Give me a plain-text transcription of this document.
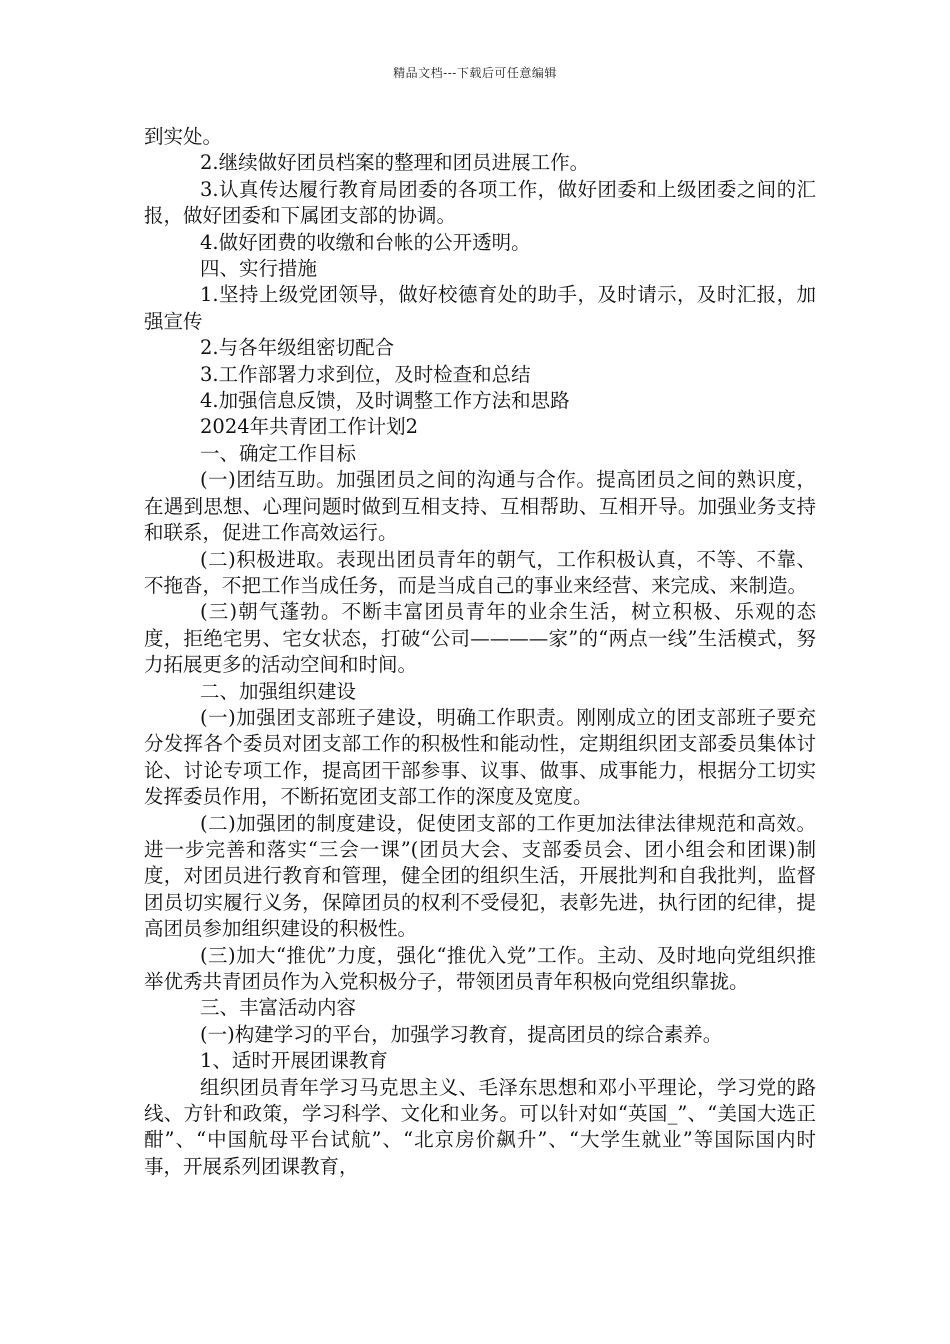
精品文档---下载后可任意编辑

到实处。

2.继续做好团员档案的整理和团员进展工作。

3.认真传达履行教育局团委的各项工作，做好团委和上级团委之间的汇报，做好团委和下属团支部的协调。

4.做好团费的收缴和台帐的公开透明。

四、实行措施

1.坚持上级党团领导，做好校德育处的助手，及时请示，及时汇报，加强宣传

2.与各年级组密切配合

3.工作部署力求到位，及时检查和总结

4.加强信息反馈，及时调整工作方法和思路

2024年共青团工作计划2

一、确定工作目标

(一)团结互助。加强团员之间的沟通与合作。提高团员之间的熟识度，在遇到思想、心理问题时做到互相支持、互相帮助、互相开导。加强业务支持和联系，促进工作高效运行。

(二)积极进取。表现出团员青年的朝气，工作积极认真，不等、不靠、不拖沓，不把工作当成任务，而是当成自己的事业来经营、来完成、来制造。

(三)朝气蓬勃。不断丰富团员青年的业余生活，树立积极、乐观的态度，拒绝宅男、宅女状态，打破“公司————家”的“两点一线”生活模式，努力拓展更多的活动空间和时间。

二、加强组织建设

(一)加强团支部班子建设，明确工作职责。刚刚成立的团支部班子要充分发挥各个委员对团支部工作的积极性和能动性，定期组织团支部委员集体讨论、讨论专项工作，提高团干部参事、议事、做事、成事能力，根据分工切实发挥委员作用，不断拓宽团支部工作的深度及宽度。

(二)加强团的制度建设，促使团支部的工作更加法律法律规范和高效。进一步完善和落实“三会一课”(团员大会、支部委员会、团小组会和团课)制度，对团员进行教育和管理，健全团的组织生活，开展批判和自我批判，监督团员切实履行义务，保障团员的权利不受侵犯，表彰先进，执行团的纪律，提高团员参加组织建设的积极性。

(三)加大“推优”力度，强化“推优入党”工作。主动、及时地向党组织推举优秀共青团员作为入党积极分子，带领团员青年积极向党组织靠拢。

三、丰富活动内容

(一)构建学习的平台，加强学习教育，提高团员的综合素养。

1、适时开展团课教育

组织团员青年学习马克思主义、毛泽东思想和邓小平理论，学习党的路线、方针和政策，学习科学、文化和业务。可以针对如“英国_”、“美国大选正酣”、“中国航母平台试航”、“北京房价飙升”、“大学生就业”等国际国内时事，开展系列团课教育，
